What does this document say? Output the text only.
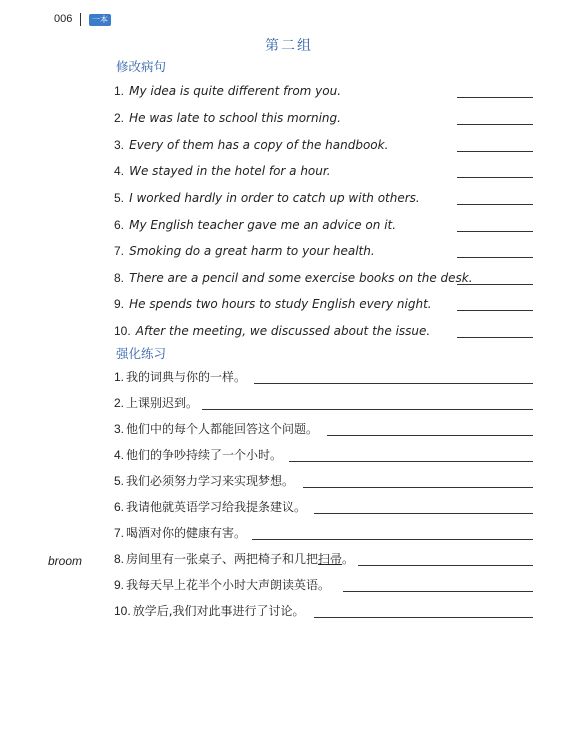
006	一本
第二组
修改病句
1. My idea is quite different from you.
2. He was late to school this morning.
3. Every of them has a copy of the handbook.
4. We stayed in the hotel for a hour.
5. I worked hardly in order to catch up with others.
6. My English teacher gave me an advice on it.
7. Smoking do a great harm to your health.
8. There are a pencil and some exercise books on the desk.
9. He spends two hours to study English every night.
10. After the meeting, we discussed about the issue.
强化练习
1. 我的词典与你的一样。
2. 上课别迟到。
3. 他们中的每个人都能回答这个问题。
4. 他们的争吵持续了一个小时。
5. 我们必须努力学习来实现梦想。
6. 我请他就英语学习给我提条建议。
7. 喝酒对你的健康有害。
broom	8. 房间里有一张桌子、两把椅子和几把 扫帚 。
9. 我每天早上花半个小时大声朗读英语。
10. 放学后,我们对此事进行了讨论。
